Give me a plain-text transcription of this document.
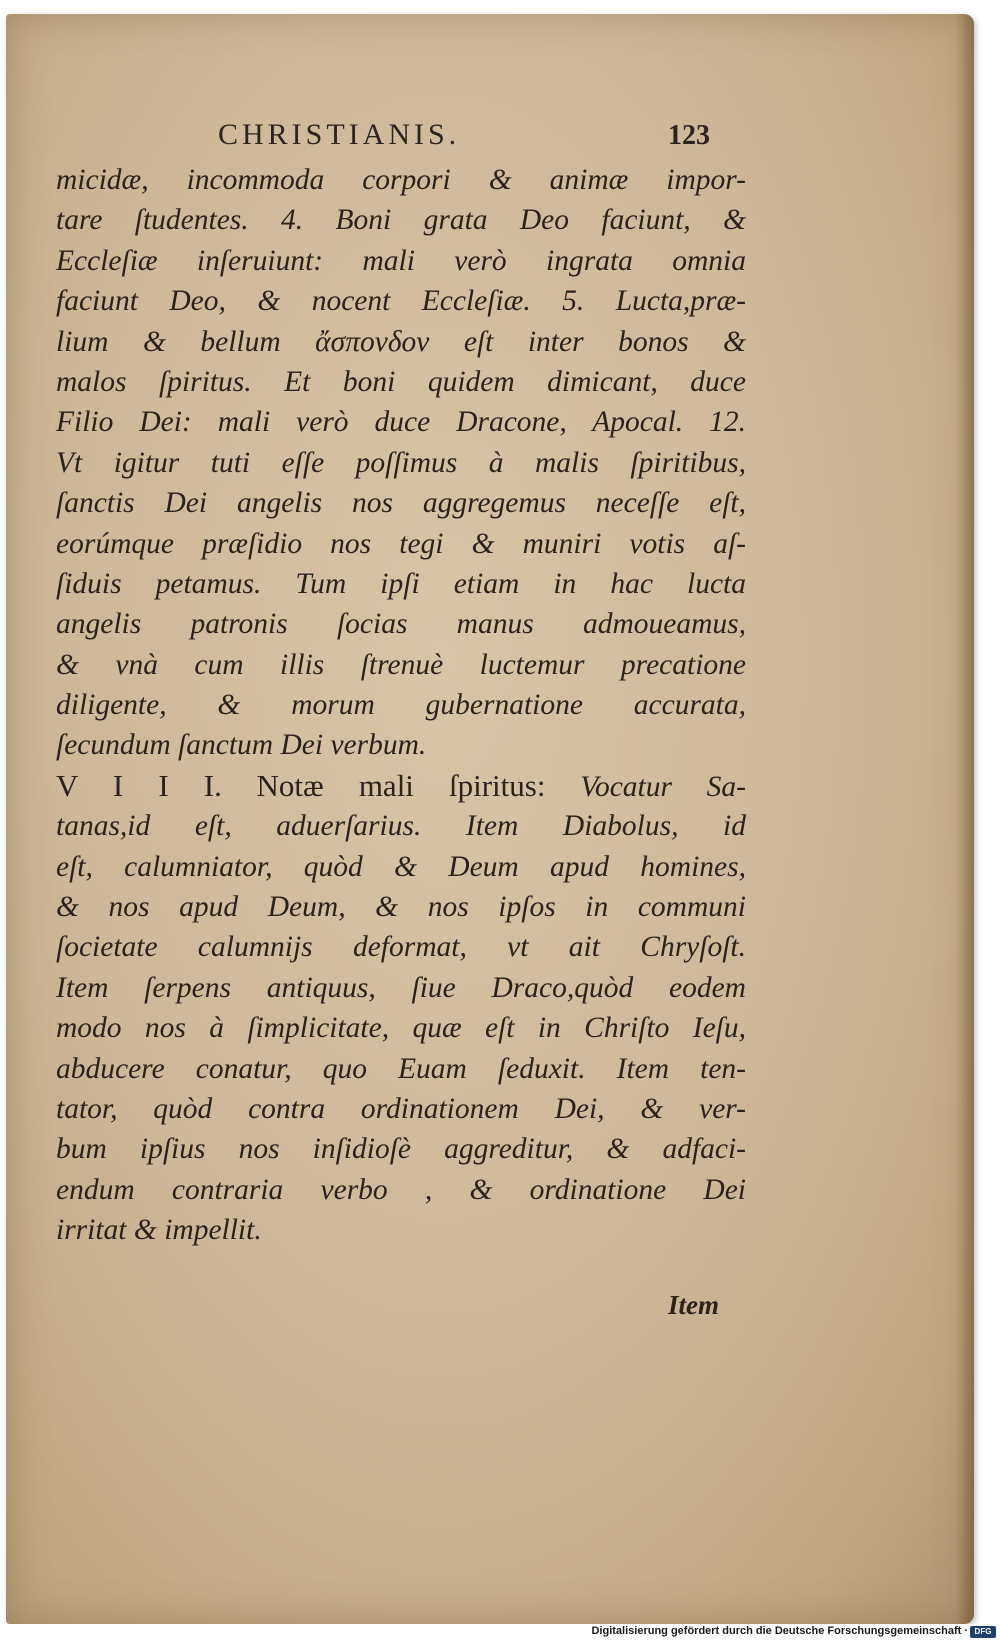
CHRISTIANIS.	123
micidæ, incommoda corpori & animæ impor-
tare ſtudentes. 4. Boni grata Deo faciunt, &
Eccleſiæ inſeruiunt: mali verò ingrata omnia
faciunt Deo, & nocent Eccleſiæ. 5. Lucta,præ-
lium & bellum ἄσπονδον eſt inter bonos &
malos ſpiritus. Et boni quidem dimicant, duce
Filio Dei: mali verò duce Dracone, Apocal. 12.
Vt igitur tuti eſſe poſſimus à malis ſpiritibus,
ſanctis Dei angelis nos aggregemus neceſſe eſt,
eorúmque præſidio nos tegi & muniri votis aſ-
ſiduis petamus. Tum ipſi etiam in hac lucta
angelis patronis ſocias manus admoueamus,
& vnà cum illis ſtrenuè luctemur precatione
diligente, & morum gubernatione accurata,
ſecundum ſanctum Dei verbum.
V I I I. Notæ mali ſpiritus: Vocatur Sa-
tanas,id eſt, aduerſarius. Item Diabolus, id
eſt, calumniator, quòd & Deum apud homines,
& nos apud Deum, & nos ipſos in communi
ſocietate calumnijs deformat, vt ait Chryſoſt.
Item ſerpens antiquus, ſiue Draco,quòd eodem
modo nos à ſimplicitate, quæ eſt in Chriſto Ieſu,
abducere conatur, quo Euam ſeduxit. Item ten-
tator, quòd contra ordinationem Dei, & ver-
bum ipſius nos inſidioſè aggreditur, & adfaci-
endum contraria verbo , & ordinatione Dei
irritat & impellit.
Item
Digitalisierung gefördert durch die Deutsche Forschungsgemeinschaft · DFG
